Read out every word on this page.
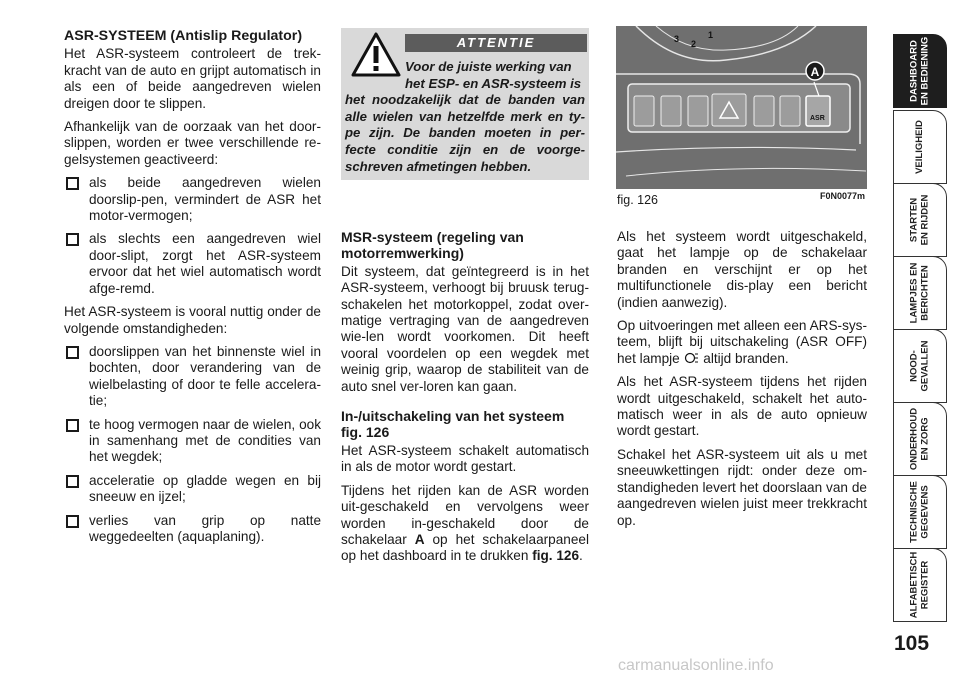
ASR-SYSTEEM (Antislip Regulator)

Het ASR-systeem controleert de trek-kracht van de auto en grijpt automatisch in als een of beide aangedreven wielen dreigen door te slippen.

Afhankelijk van de oorzaak van het door-slippen, worden er twee verschillende re-gelsystemen geactiveerd:

als beide aangedreven wielen doorslip-pen, vermindert de ASR het motor-vermogen;
als slechts een aangedreven wiel door-slipt, zorgt het ASR-systeem ervoor dat het wiel automatisch wordt afge-remd.

Het ASR-systeem is vooral nuttig onder de volgende omstandigheden:

doorslippen van het binnenste wiel in bochten, door verandering van de wielbelasting of door te felle accelera-tie;
te hoog vermogen naar de wielen, ook in samenhang met de condities van het wegdek;
acceleratie op gladde wegen en bij sneeuw en ijzel;
verlies van grip op natte weggedeelten (aquaplaning).
ATTENTIE
Voor de juiste werking van
het ESP- en ASR-systeem is
het noodzakelijk dat de banden van alle wielen van hetzelfde merk en ty-pe zijn. De banden moeten in per-fecte conditie zijn en de voorge-schreven afmetingen hebben.
MSR-systeem (regeling van motorremwerking)

Dit systeem, dat geïntegreerd is in het ASR-systeem, verhoogt bij bruusk terug-schakelen het motorkoppel, zodat over-matige vertraging van de aangedreven wie-len wordt voorkomen. Dit heeft vooral voordelen op een wegdek met weinig grip, waarop de stabiliteit van de auto snel ver-loren kan gaan.

In-/uitschakeling van het systeem fig. 126

Het ASR-systeem schakelt automatisch in als de motor wordt gestart.

Tijdens het rijden kan de ASR worden uit-geschakeld en vervolgens weer worden in-geschakeld door de schakelaar A op het schakelaarpaneel op het dashboard in te drukken fig. 126.

3 2
1
ASR
A
fig. 126	F0N0077m

Als het systeem wordt uitgeschakeld, gaat het lampje op de schakelaar branden en verschijnt er op het multifunctionele dis-play een bericht (indien aanwezig).

Op uitvoeringen met alleen een ARS-sys-teem, blijft bij uitschakeling (ASR OFF) het lampje  altijd branden.

Als het ASR-systeem tijdens het rijden wordt uitgeschakeld, schakelt het auto-matisch weer in als de auto opnieuw wordt gestart.

Schakel het ASR-systeem uit als u met sneeuwkettingen rijdt: onder deze om-standigheden levert het doorslaan van de aangedreven wielen juist meer trekkracht op.

DASHBOARD
EN BEDIENING
VEILIGHEID
STARTEN
EN RIJDEN
LAMPJES EN
BERICHTEN
NOOD-
GEVALLEN
ONDERHOUD
EN ZORG
TECHNISCHE
GEGEVENS
ALFABETISCH
REGISTER
105
carmanualsonline.info
